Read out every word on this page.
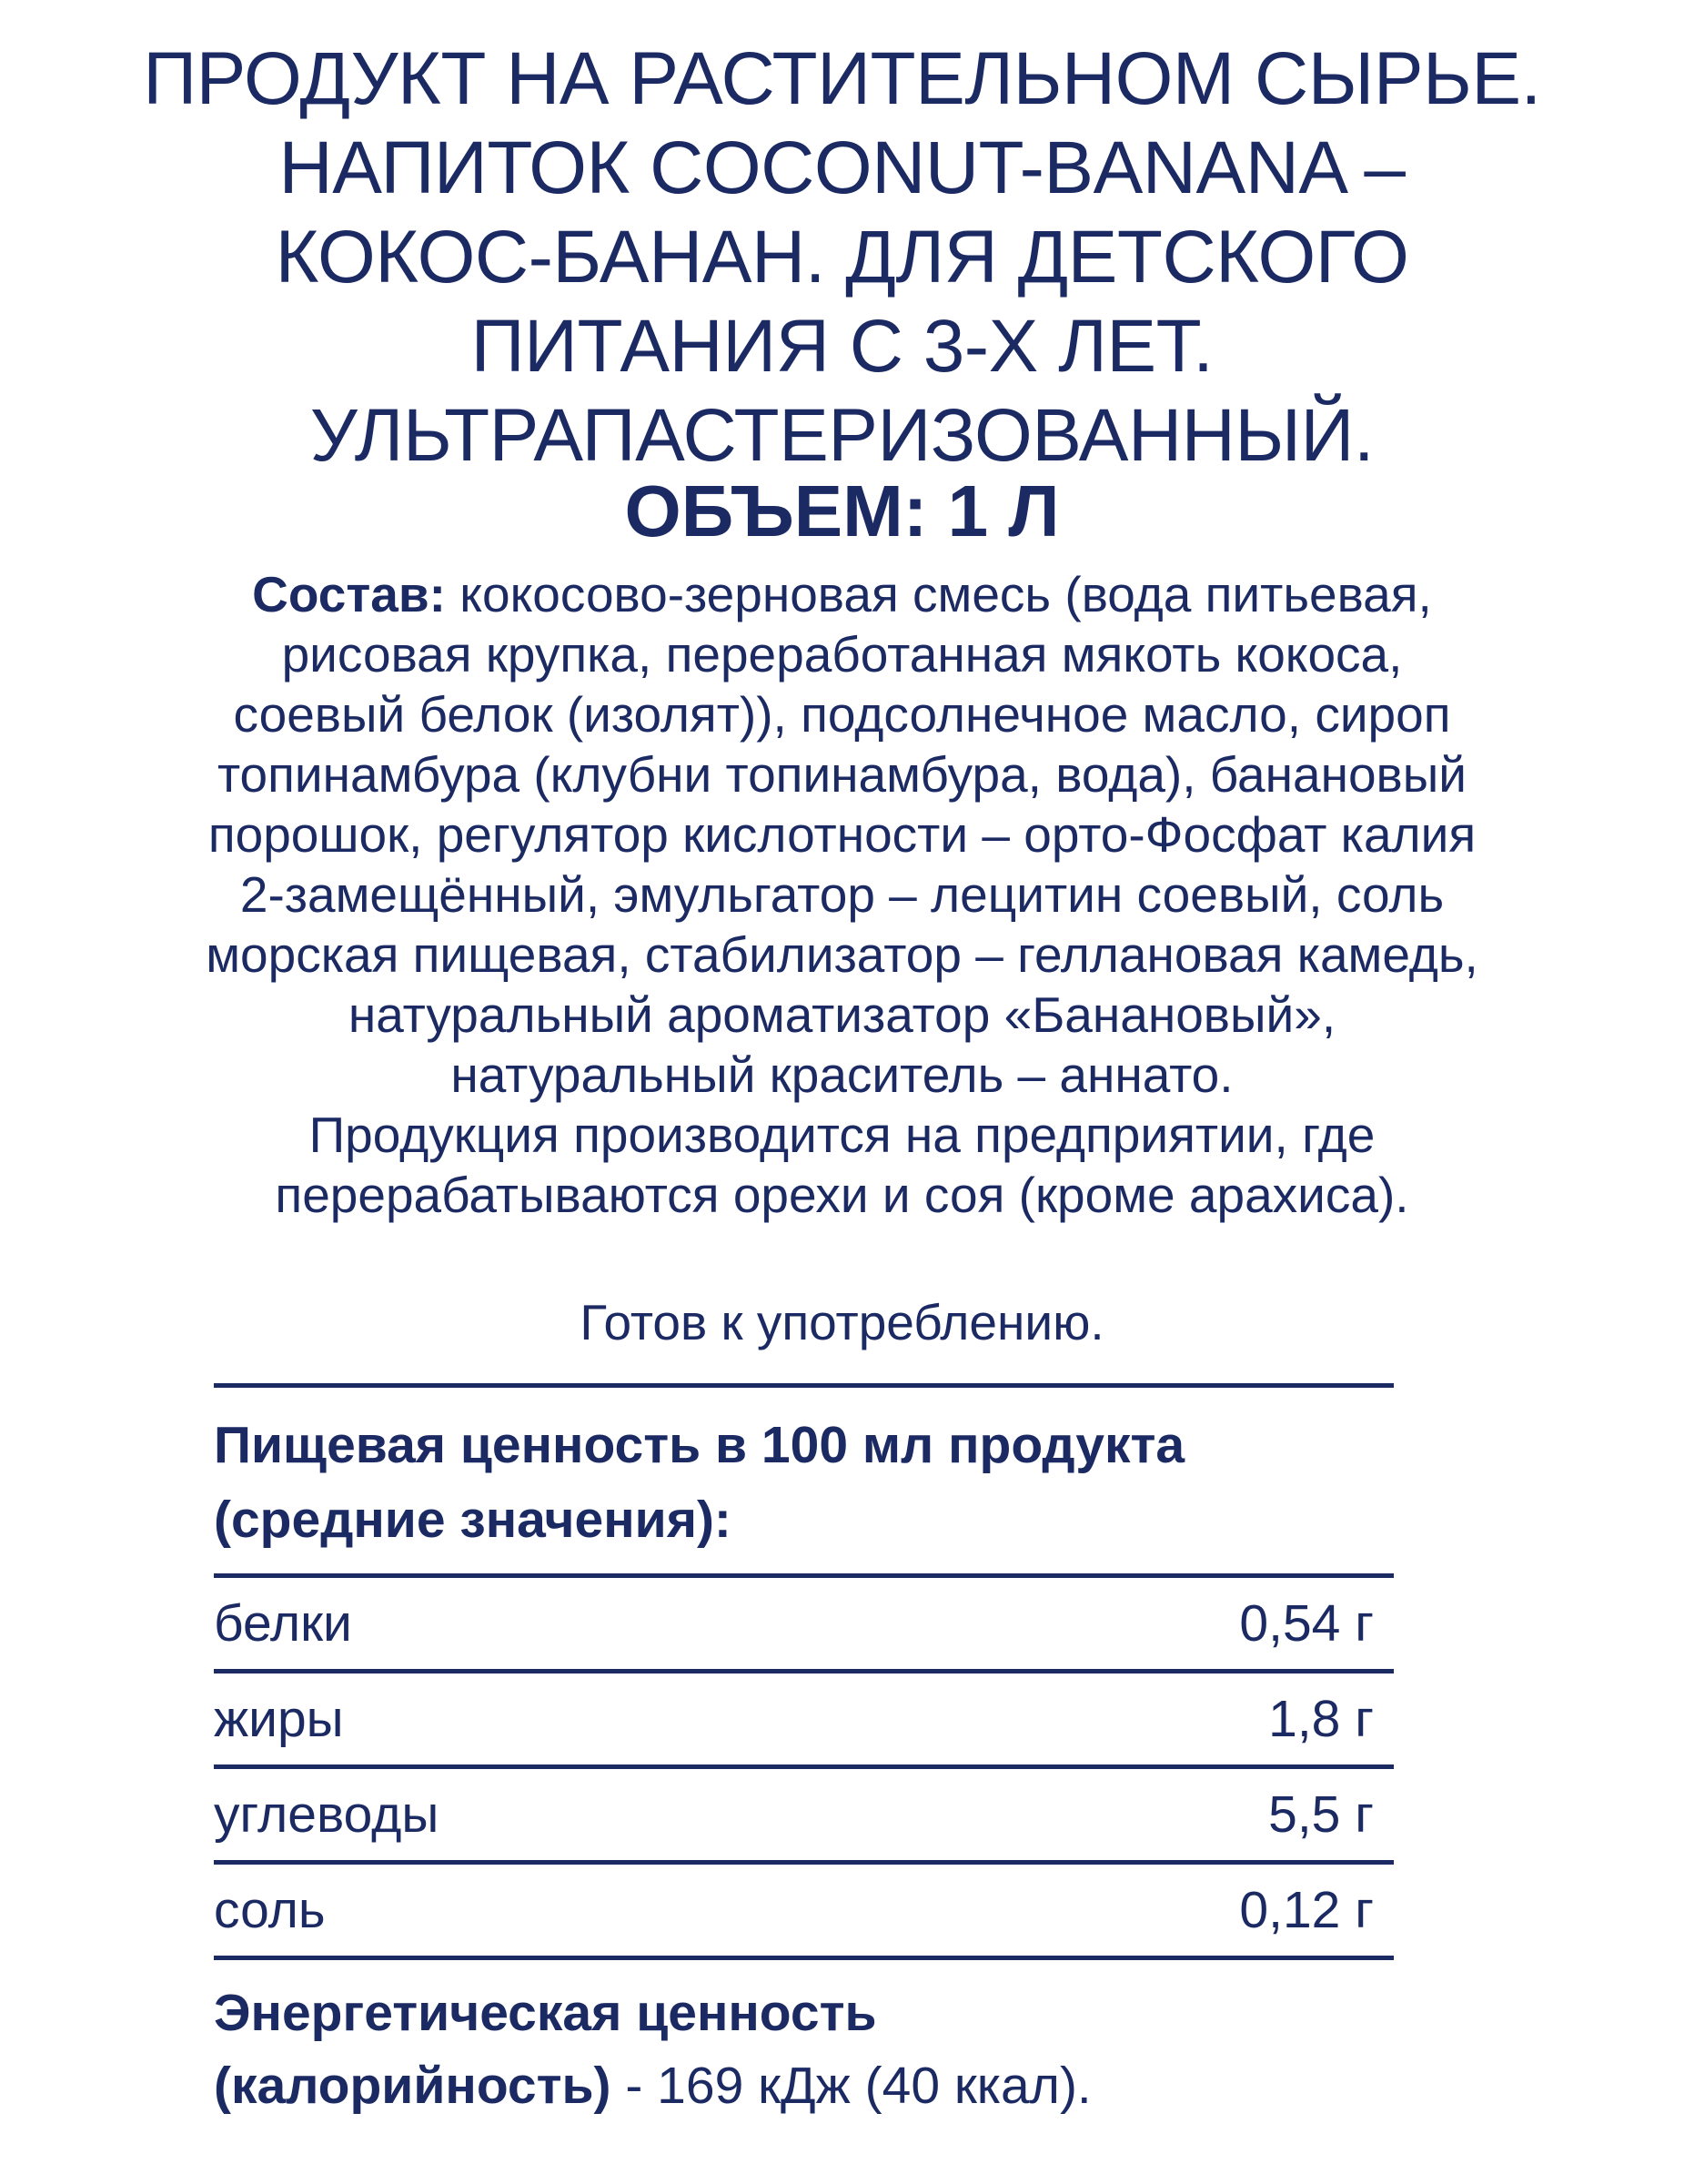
ПРОДУКТ НА РАСТИТЕЛЬНОМ СЫРЬЕ.
НАПИТОК COCONUT-BANANA –
КОКОС-БАНАН. ДЛЯ ДЕТСКОГО
ПИТАНИЯ С 3-Х ЛЕТ.
УЛЬТРАПАСТЕРИЗОВАННЫЙ.
ОБЪЕМ: 1 Л
Состав: кокосово-зерновая смесь (вода питьевая,
рисовая крупка, переработанная мякоть кокоса,
соевый белок (изолят)), подсолнечное масло, сироп
топинамбура (клубни топинамбура, вода), банановый
порошок, регулятор кислотности – орто-Фосфат калия
2-замещённый, эмульгатор – лецитин соевый, соль
морская пищевая, стабилизатор – геллановая камедь,
натуральный ароматизатор «Банановый»,
натуральный краситель – аннато.
Продукция производится на предприятии, где
перерабатываются орехи и соя (кроме арахиса).
Готов к употреблению.
Пищевая ценность в 100 мл продукта
(средние значения):
белки	0,54 г
жиры	1,8 г
углеводы	5,5 г
соль	0,12 г
Энергетическая ценность
(калорийность) - 169 кДж (40 ккал).
